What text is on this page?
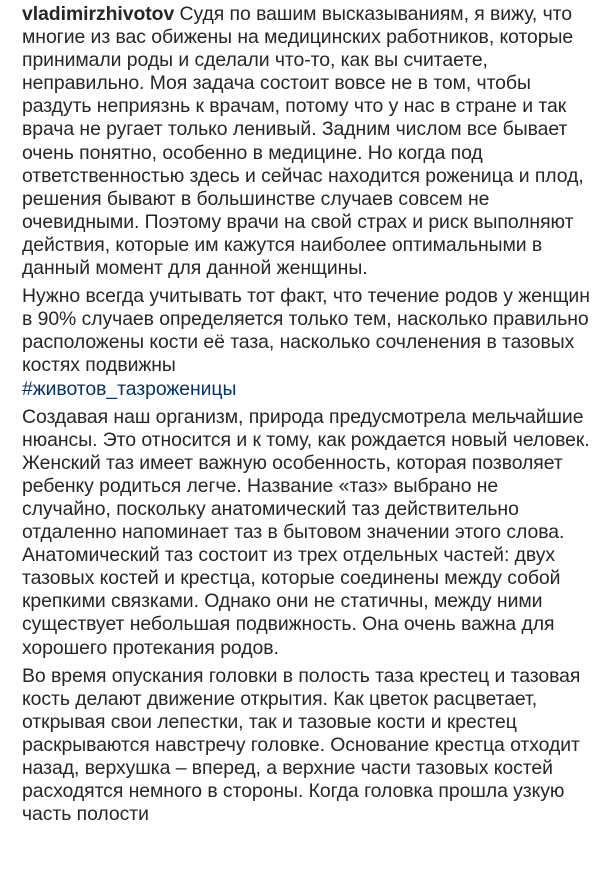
vladimirzhivotov Судя по вашим высказываниям, я вижу, что многие из вас обижены на медицинских работников, которые принимали роды и сделали что-то, как вы считаете, неправильно. Моя задача состоит вовсе не в том, чтобы раздуть неприязнь к врачам, потому что у нас в стране и так врача не ругает только ленивый. Задним числом все бывает очень понятно, особенно в медицине. Но когда под ответственностью здесь и сейчас находится роженица и плод, решения бывают в большинстве случаев совсем не очевидными. Поэтому врачи на свой страх и риск выполняют действия, которые им кажутся наиболее оптимальными в данный момент для данной женщины.

Нужно всегда учитывать тот факт, что течение родов у женщин в 90% случаев определяется только тем, насколько правильно расположены кости её таза, насколько сочленения в тазовых костях подвижны
#животов_тазроженицы

Создавая наш организм, природа предусмотрела мельчайшие нюансы. Это относится и к тому, как рождается новый человек. Женский таз имеет важную особенность, которая позволяет ребенку родиться легче. Название «таз» выбрано не случайно, поскольку анатомический таз действительно отдаленно напоминает таз в бытовом значении этого слова. Анатомический таз состоит из трех отдельных частей: двух тазовых костей и крестца, которые соединены между собой крепкими связками. Однако они не статичны, между ними существует небольшая подвижность. Она очень важна для хорошего протекания родов.

Во время опускания головки в полость таза крестец и тазовая кость делают движение открытия. Как цветок расцветает, открывая свои лепестки, так и тазовые кости и крестец раскрываются навстречу головке. Основание крестца отходит назад, верхушка – вперед, а верхние части тазовых костей расходятся немного в стороны. Когда головка прошла узкую часть полости
